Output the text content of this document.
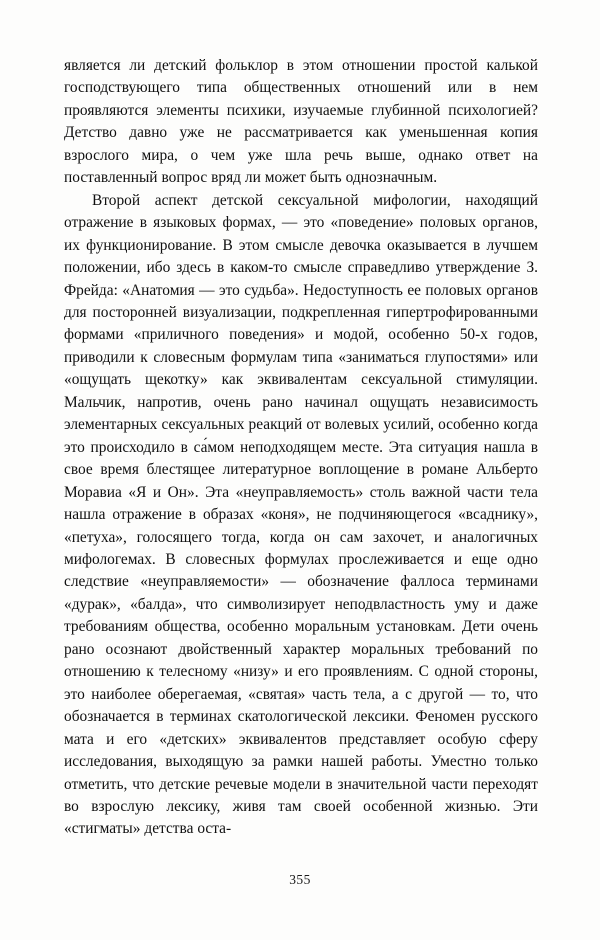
является ли детский фольклор в этом отношении простой калькой господствующего типа общественных отношений или в нем проявляются элементы психики, изучаемые глубинной психологией? Детство давно уже не рассматривается как уменьшенная копия взрослого мира, о чем уже шла речь выше, однако ответ на поставленный вопрос вряд ли может быть однозначным.

Второй аспект детской сексуальной мифологии, находящий отражение в языковых формах, — это «поведение» половых органов, их функционирование. В этом смысле девочка оказывается в лучшем положении, ибо здесь в каком-то смысле справедливо утверждение З. Фрейда: «Анатомия — это судьба». Недоступность ее половых органов для посторонней визуализации, подкрепленная гипертрофированными формами «приличного поведения» и модой, особенно 50-х годов, приводили к словесным формулам типа «заниматься глупостями» или «ощущать щекотку» как эквивалентам сексуальной стимуляции. Мальчик, напротив, очень рано начинал ощущать независимость элементарных сексуальных реакций от волевых усилий, особенно когда это происходило в са́мом неподходящем месте. Эта ситуация нашла в свое время блестящее литературное воплощение в романе Альберто Моравиа «Я и Он». Эта «неуправляемость» столь важной части тела нашла отражение в образах «коня», не подчиняющегося «всаднику», «петуха», голосящего тогда, когда он сам захочет, и аналогичных мифологемах. В словесных формулах прослеживается и еще одно следствие «неуправляемости» — обозначение фаллоса терминами «дурак», «балда», что символизирует неподвластность уму и даже требованиям общества, особенно моральным установкам. Дети очень рано осознают двойственный характер моральных требований по отношению к телесному «низу» и его проявлениям. С одной стороны, это наиболее оберегаемая, «святая» часть тела, а с другой — то, что обозначается в терминах скатологической лексики. Феномен русского мата и его «детских» эквивалентов представляет особую сферу исследования, выходящую за рамки нашей работы. Уместно только отметить, что детские речевые модели в значительной части переходят во взрослую лексику, живя там своей особенной жизнью. Эти «стигматы» детства оста-

355
